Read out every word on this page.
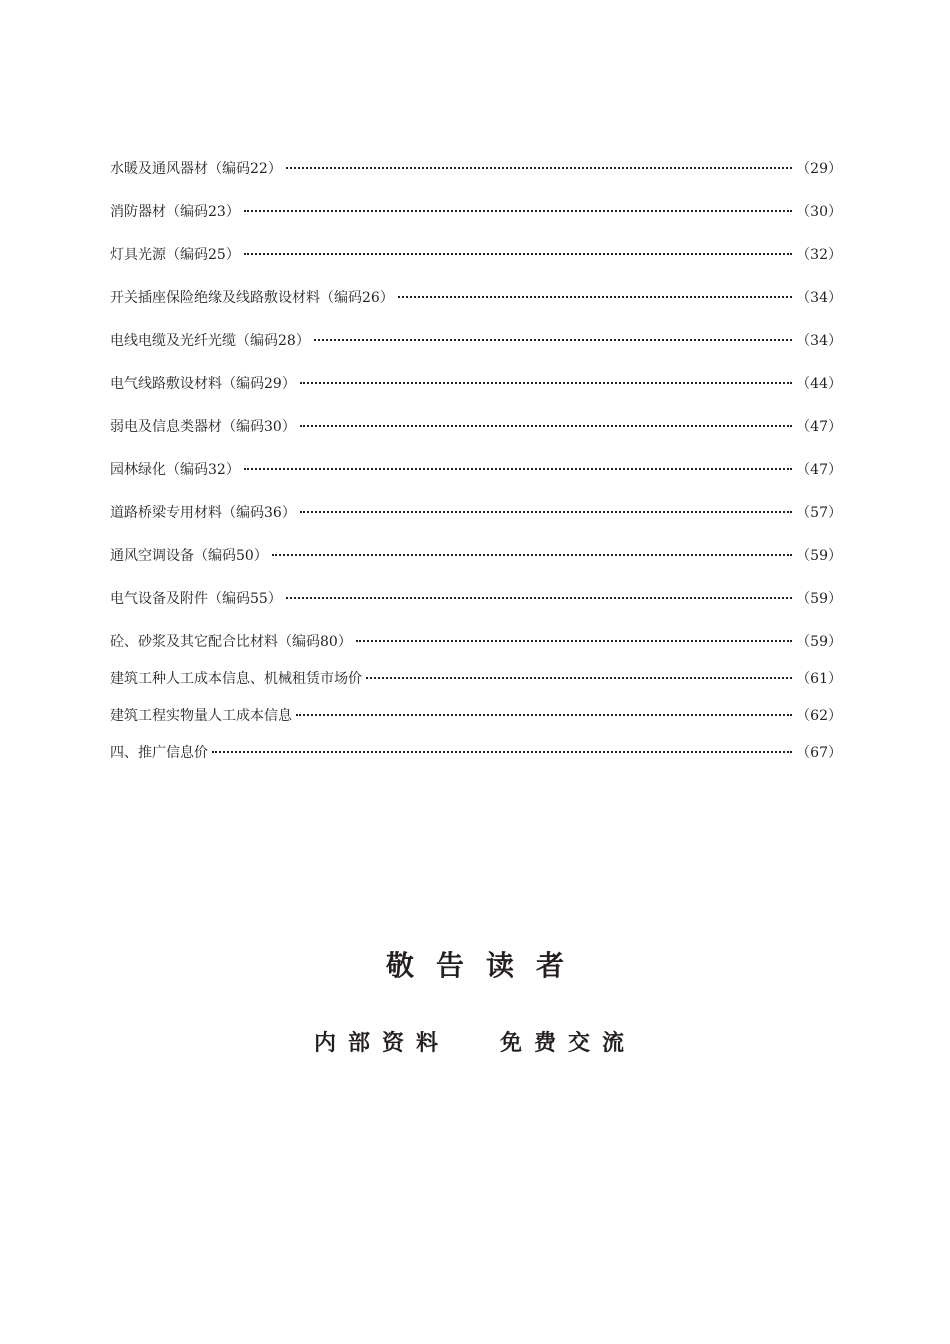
水暖及通风器材（编码22）	（29）
消防器材（编码23）	（30）
灯具光源（编码25）	（32）
开关插座保险绝缘及线路敷设材料（编码26）	（34）
电线电缆及光纤光缆（编码28）	（34）
电气线路敷设材料（编码29）	（44）
弱电及信息类器材（编码30）	（47）
园林绿化（编码32）	（47）
道路桥梁专用材料（编码36）	（57）
通风空调设备（编码50）	（59）
电气设备及附件（编码55）	（59）
砼、砂浆及其它配合比材料（编码80）	（59）
建筑工种人工成本信息、机械租赁市场价	（61）
建筑工程实物量人工成本信息	（62）
四、推广信息价	（67）
敬告读者
内部资料 免费交流
